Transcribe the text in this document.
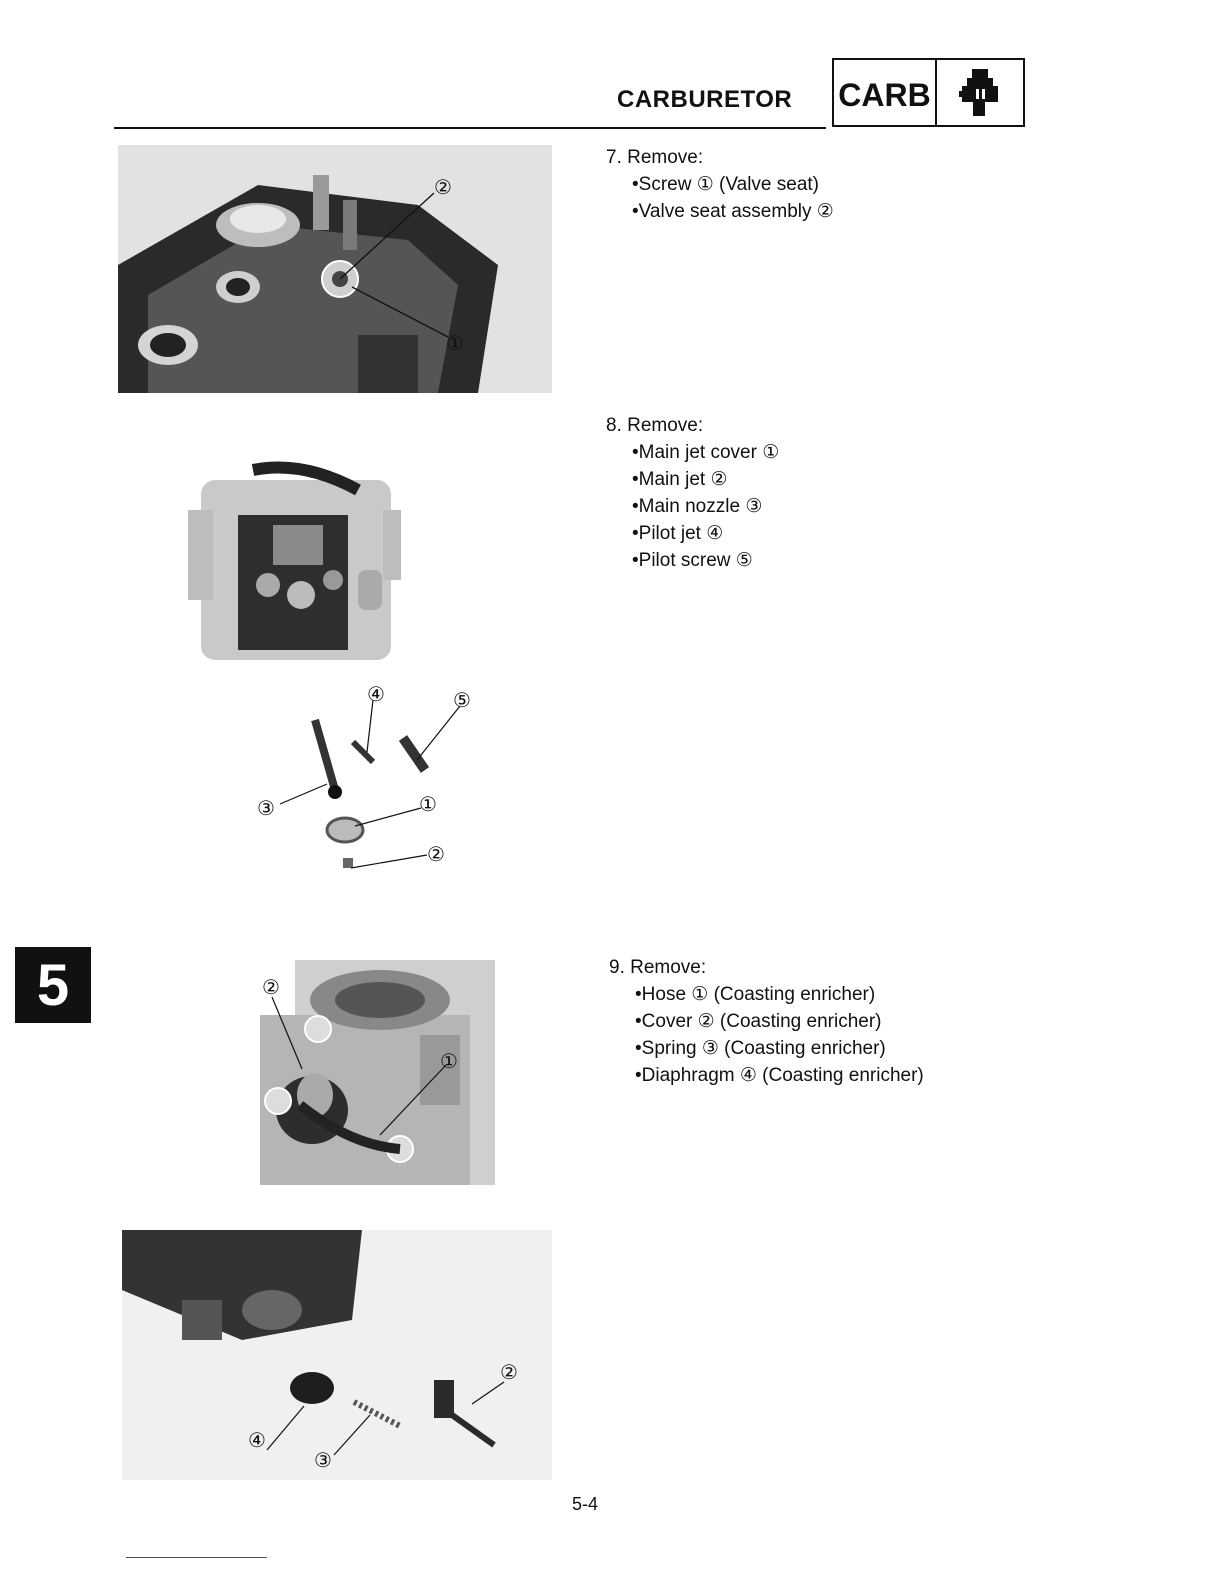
CARBURETOR CARB
5
②
①
④	⑤
③	①
②
②
①
②
④
③
7. Remove:
•Screw ① (Valve seat)
•Valve seat assembly ②
8. Remove:
•Main jet cover ①
•Main jet ②
•Main nozzle ③
•Pilot jet ④
•Pilot screw ⑤
9. Remove:
•Hose ① (Coasting enricher)
•Cover ② (Coasting enricher)
•Spring ③ (Coasting enricher)
•Diaphragm ④ (Coasting enricher)
5-4
